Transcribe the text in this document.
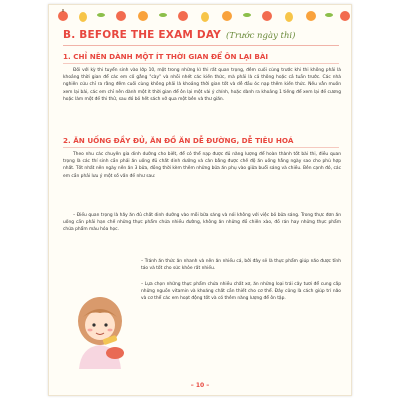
B. BEFORE THE EXAM DAY (Trước ngày thi)
1. CHỈ NÊN DÀNH MỘT ÍT THỜI GIAN ĐỂ ÔN LẠI BÀI
Đối với kỳ thi tuyển sinh vào lớp 10, một trong những kì thi rất quan trọng, đêm cuối cùng trước khi thi không phải là khoảng thời gian để các em cố gắng "cày" và nhồi nhét các kiến thức, mà phải là cả thông hoặc cả tuần trước. Các nhà nghiên cứu chỉ ra rằng đêm cuối cùng không phải là khoảng thời gian tốt và dễ đầu óc nạp thêm kiến thức. Nếu vẫn muốn xem lại bài, các em chỉ nên dành một ít thời gian để ôn lại một vài ý chính, hoặc dành ra khoảng 1 tiếng để xem lại đề cương hoặc làm một đề thi thử, sau đó bỏ hết sách vở qua một bên và thư giãn.
2. ĂN UỐNG ĐẦY ĐỦ, ĂN ĐỒ ĂN DỄ ĐƯỜNG, DỄ TIÊU HOÁ
Theo nhu các chuyên gia dinh dưỡng cho biết, để có thể nạp được đủ năng lượng để hoàn thành tốt bài thi, điều quan trọng là các thí sinh cần phải ăn uống đủ chất dinh dưỡng và cân bằng được chế độ ăn uống hằng ngày sao cho phù hợp nhất. Tốt nhất nên ngày nên ăn 3 bữa, đồng thời kèm thêm những bữa ăn phụ vào giữa buổi sáng và chiều. Bên cạnh đó, các em cần phải lưu ý một số vấn đề như sau:
– Điều quan trọng là hãy ăn đủ chất dinh dưỡng vào mỗi bữa sáng và nói không với việc bỏ bữa sáng. Trong thực đơn ăn uống cần phải hạn chế những thực phẩm chứa nhiều đường, không ăn những đồ chiên xào, đồ rán hay những thực phẩm chứa phẩm màu hóa học.
– Tránh ăn thức ăn nhanh và nên ăn nhiều cá, bởi đây sẽ là thực phẩm giúp não được tỉnh táo và tốt cho sức khỏe rất nhiều.
– Lựa chọn những thực phẩm chứa nhiều chất xơ, ăn những loại trái cây tươi để cung cấp những nguồn vitamin và khoáng chất cần thiết cho cơ thể. Đây cũng là cách giúp trí não và cơ thể các em hoạt động tốt và có thêm năng lượng để ôn tập.
– 10 –
